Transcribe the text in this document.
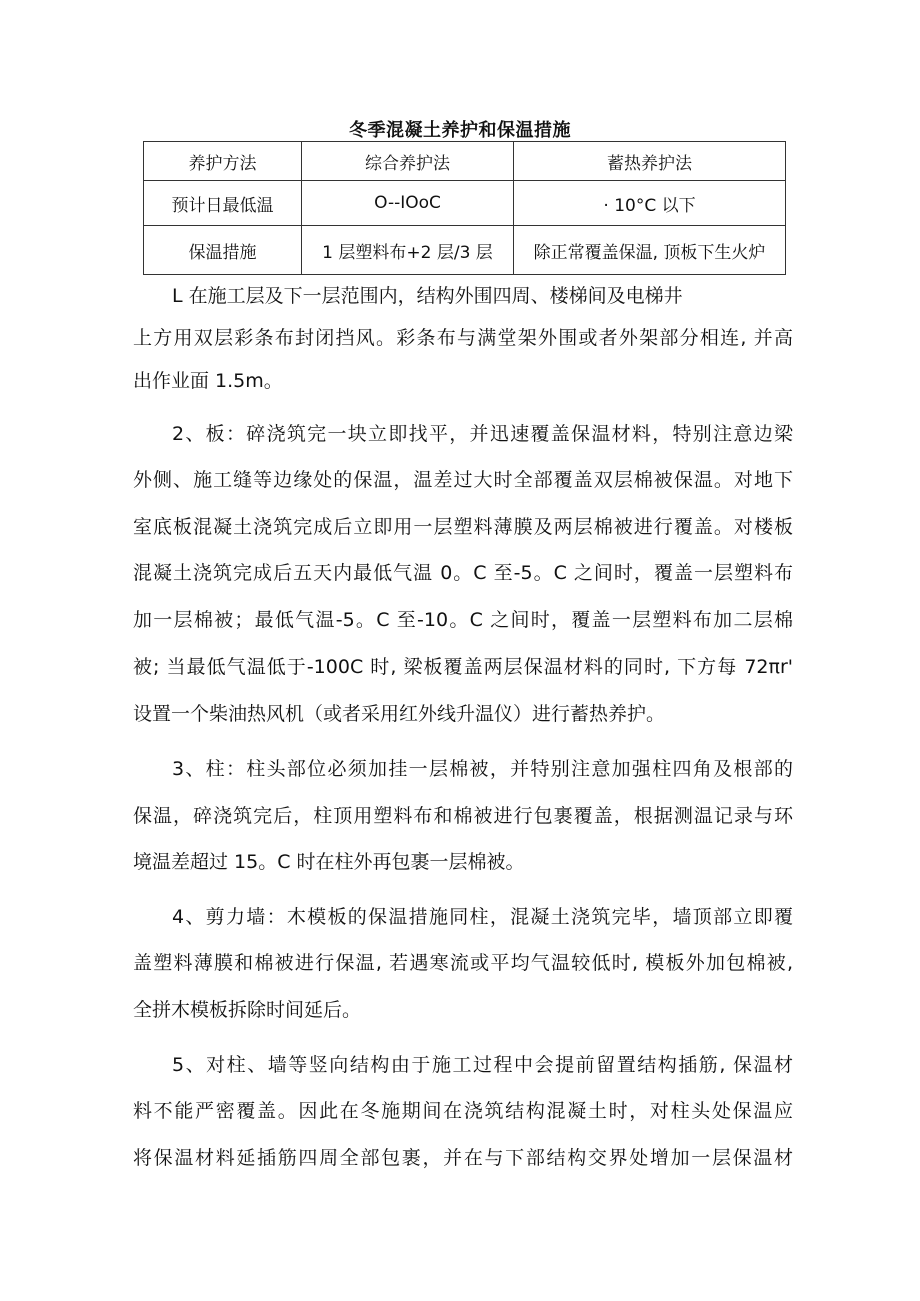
冬季混凝土养护和保温措施
养护方法	综合养护法	蓄热养护法
预计日最低温	O--IOoC	· 10°C 以下
保温措施	1 层塑料布+2 层/3 层	除正常覆盖保温, 顶板下生火炉
L 在施工层及下一层范围内，结构外围四周、楼梯间及电梯井
上方用双层彩条布封闭挡风。彩条布与满堂架外围或者外架部分相连, 并高
出作业面 1.5m。
2、板：碎浇筑完一块立即找平，并迅速覆盖保温材料，特别注意边梁
外侧、施工缝等边缘处的保温，温差过大时全部覆盖双层棉被保温。对地下
室底板混凝土浇筑完成后立即用一层塑料薄膜及两层棉被进行覆盖。对楼板
混凝土浇筑完成后五天内最低气温 0。C 至-5。C 之间时，覆盖一层塑料布
加一层棉被；最低气温-5。C 至-10。C 之间时，覆盖一层塑料布加二层棉
被; 当最低气温低于-100C 时, 梁板覆盖两层保温材料的同时, 下方每 72πr'
设置一个柴油热风机（或者采用红外线升温仪）进行蓄热养护。
3、柱：柱头部位必须加挂一层棉被，并特别注意加强柱四角及根部的
保温，碎浇筑完后，柱顶用塑料布和棉被进行包裹覆盖，根据测温记录与环
境温差超过 15。C 时在柱外再包裹一层棉被。
4、剪力墙：木模板的保温措施同柱，混凝土浇筑完毕，墙顶部立即覆
盖塑料薄膜和棉被进行保温, 若遇寒流或平均气温较低时, 模板外加包棉被,
全拼木模板拆除时间延后。
5、对柱、墙等竖向结构由于施工过程中会提前留置结构插筋, 保温材
料不能严密覆盖。因此在冬施期间在浇筑结构混凝土时，对柱头处保温应
将保温材料延插筋四周全部包裹，并在与下部结构交界处增加一层保温材
